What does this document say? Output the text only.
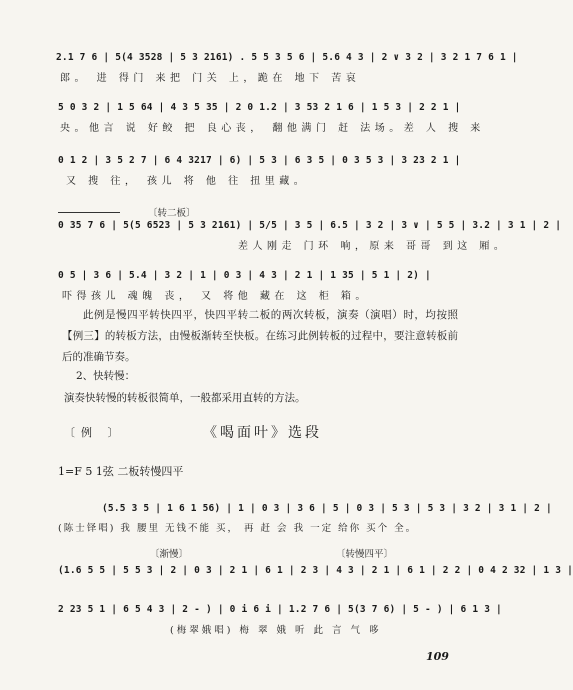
2.1 7 6 | 5(4 3528 | 5 3 2161) . 5 5 3 5 6 | 5.6 4 3 | 2 ∨ 3 2 | 3 2 1 7 6 1 |
郎。 进 得门 来把 门关 上，跪在 地下 苦哀
5 0 3 2 | 1 5 64 | 4 3 5 35 | 2 0 1.2 | 3 53 2 1 6 | 1 5 3 | 2 2 1 |
央。他言 说 好鲛 把 良心丧， 翻他满门 赶 法场。差 人 搜 来
0 1 2 | 3 5 2 7 | 6 4 3217 | 6) | 5 3 | 6 3 5 | 0 3 5 3 | 3 23 2 1 |
又 搜 往， 孩儿 将 他 往 扭里藏。
〔转二板〕
0 35 7 6 | 5(5 6523 | 5 3 2161) | 5/5 | 3 5 | 6.5 | 3 2 | 3 ∨ | 5 5 | 3.2 | 3 1 | 2 |
差人刚走 门环 响，原来 哥哥 到这 厢。
0 5 | 3 6 | 5.4 | 3 2 | 1 | 0 3 | 4 3 | 2 1 | 1 35 | 5 1 | 2) |
吓得孩儿 魂魄 丧， 又 将他 藏在 这 柜 箱。
此例是慢四平转快四平，快四平转二板的两次转板，演奏（演唱）时，均按照【例三】的转板方法，由慢板渐转至快板。在练习此例转板的过程中，要注意转板前后的准确节奏。
2、快转慢：
演奏快转慢的转板很简单，一般都采用直转的方法。
〔例 〕	《喝面叶》选段
1=F 5 1弦 二板转慢四平
(5.5 3 5 | 1 6 1 56) | 1 | 0 3 | 3 6 | 5 | 0 3 | 5 3 | 5 3 | 3 2 | 3 1 | 2 |
(陈士铎唱) 我 腰里 无钱不能 买， 再 赶 会 我 一定 给你 买个 全。
〔渐慢〕	〔转慢四平〕
(1.6 5 5 | 5 5 3 | 2 | 0 3 | 2 1 | 6 1 | 2 3 | 4 3 | 2 1 | 6 1 | 2 2 | 0 4 2 32 | 1 3 |
2 23 5 1 | 6 5 4 3 | 2 - ) | 0 i 6 i | 1.2 7 6 | 5(3 7 6) | 5 - ) | 6 1 3 |
(梅翠娥唱) 梅 翠 娥 听 此 言 气 哆
109
